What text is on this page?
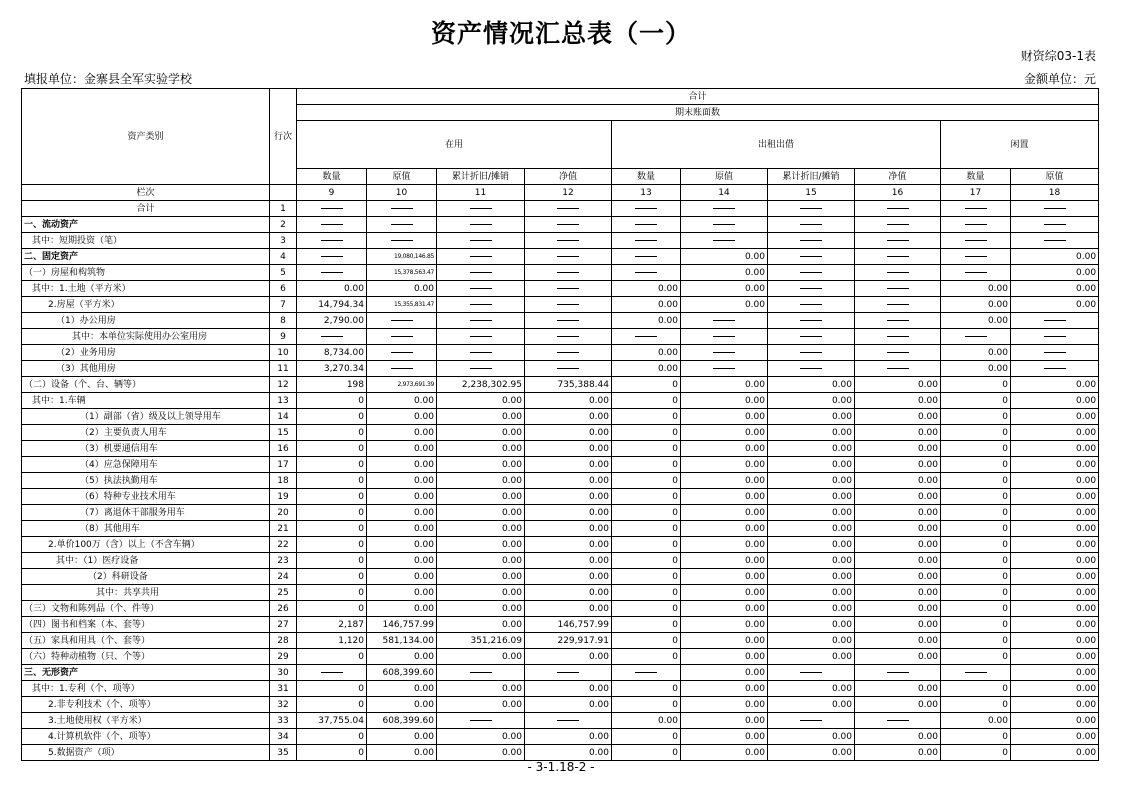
资产情况汇总表（一）
财资综03-1表
填报单位：金寨县全军实验学校	金额单位：元
资产类别	行次	合计									
		期末账面数									
		在用				出租出借				闲置	
		数量	原值	累计折旧/摊销	净值	数量	原值	累计折旧/摊销	净值	数量	原值
栏次		9	10	11	12	13	14	15	16	17	18
合计	1										
一、流动资产	2										
其中：短期投资（笔）	3										
二、固定资产	4		19,080,146.85				0.00				0.00
（一）房屋和构筑物	5		15,378,563.47				0.00				0.00
其中：1.土地（平方米）	6	0.00	0.00			0.00	0.00			0.00	0.00
2.房屋（平方米）	7	14,794.34	15,355,831.47			0.00	0.00			0.00	0.00
（1）办公用房	8	2,790.00				0.00				0.00	
其中：本单位实际使用办公室用房	9										
（2）业务用房	10	8,734.00				0.00				0.00	
（3）其他用房	11	3,270.34				0.00				0.00	
（二）设备（个、台、辆等）	12	198	2,973,691.39	2,238,302.95	735,388.44	0	0.00	0.00	0.00	0	0.00
其中：1.车辆	13	0	0.00	0.00	0.00	0	0.00	0.00	0.00	0	0.00
（1）副部（省）级及以上领导用车	14	0	0.00	0.00	0.00	0	0.00	0.00	0.00	0	0.00
（2）主要负责人用车	15	0	0.00	0.00	0.00	0	0.00	0.00	0.00	0	0.00
（3）机要通信用车	16	0	0.00	0.00	0.00	0	0.00	0.00	0.00	0	0.00
（4）应急保障用车	17	0	0.00	0.00	0.00	0	0.00	0.00	0.00	0	0.00
（5）执法执勤用车	18	0	0.00	0.00	0.00	0	0.00	0.00	0.00	0	0.00
（6）特种专业技术用车	19	0	0.00	0.00	0.00	0	0.00	0.00	0.00	0	0.00
（7）离退休干部服务用车	20	0	0.00	0.00	0.00	0	0.00	0.00	0.00	0	0.00
（8）其他用车	21	0	0.00	0.00	0.00	0	0.00	0.00	0.00	0	0.00
2.单价100万（含）以上（不含车辆）	22	0	0.00	0.00	0.00	0	0.00	0.00	0.00	0	0.00
其中：（1）医疗设备	23	0	0.00	0.00	0.00	0	0.00	0.00	0.00	0	0.00
（2）科研设备	24	0	0.00	0.00	0.00	0	0.00	0.00	0.00	0	0.00
其中：共享共用	25	0	0.00	0.00	0.00	0	0.00	0.00	0.00	0	0.00
（三）文物和陈列品（个、件等）	26	0	0.00	0.00	0.00	0	0.00	0.00	0.00	0	0.00
（四）图书和档案（本、套等）	27	2,187	146,757.99	0.00	146,757.99	0	0.00	0.00	0.00	0	0.00
（五）家具和用具（个、套等）	28	1,120	581,134.00	351,216.09	229,917.91	0	0.00	0.00	0.00	0	0.00
（六）特种动植物（只、个等）	29	0	0.00	0.00	0.00	0	0.00	0.00	0.00	0	0.00
三、无形资产	30		608,399.60				0.00				0.00
其中：1.专利（个、项等）	31	0	0.00	0.00	0.00	0	0.00	0.00	0.00	0	0.00
2.非专利技术（个、项等）	32	0	0.00	0.00	0.00	0	0.00	0.00	0.00	0	0.00
3.土地使用权（平方米）	33	37,755.04	608,399.60			0.00	0.00			0.00	0.00
4.计算机软件（个、项等）	34	0	0.00	0.00	0.00	0	0.00	0.00	0.00	0	0.00
5.数据资产（项）	35	0	0.00	0.00	0.00	0	0.00	0.00	0.00	0	0.00
- 3-1.18-2 -
